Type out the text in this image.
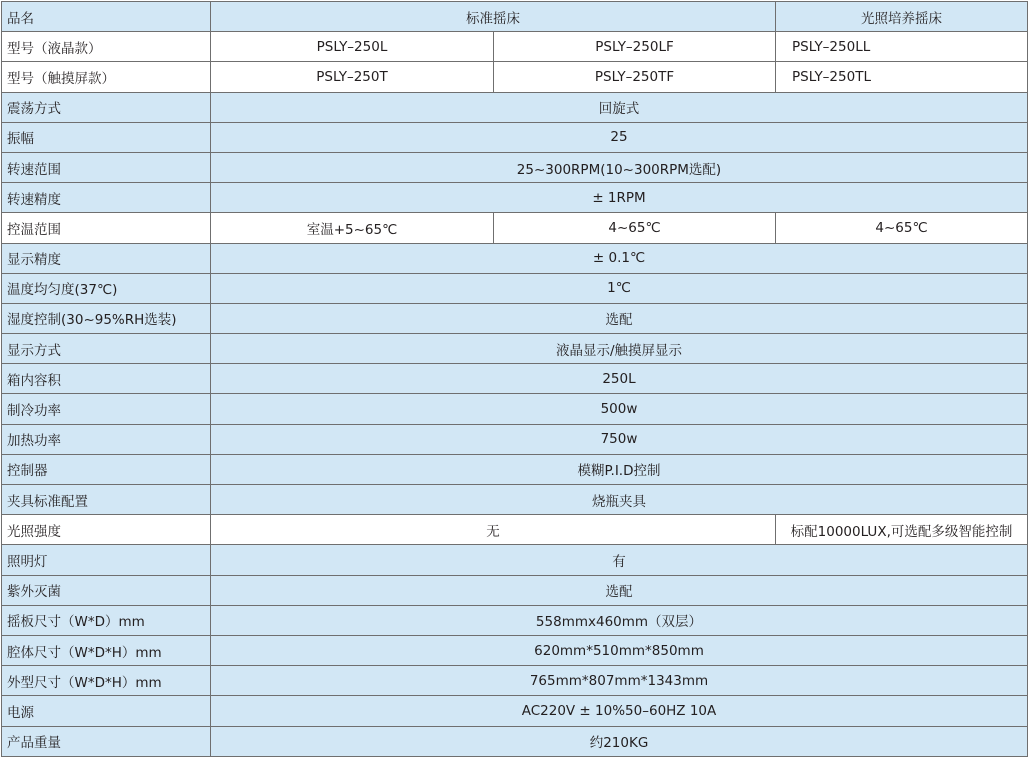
品名	标准摇床		光照培养摇床
型号（液晶款）	PSLY–250L	PSLY–250LF	PSLY–250LL
型号（触摸屏款）	PSLY–250T	PSLY–250TF	PSLY–250TL
震荡方式	回旋式		
振幅	25		
转速范围	25~300RPM(10~300RPM选配)		
转速精度	± 1RPM		
控温范围	室温+5~65℃	4~65℃	4~65℃
显示精度	± 0.1℃		
温度均匀度(37℃)	1℃		
湿度控制(30~95%RH选装)	选配		
显示方式	液晶显示/触摸屏显示		
箱内容积	250L		
制冷功率	500w		
加热功率	750w		
控制器	模糊P.I.D控制		
夹具标准配置	烧瓶夹具		
光照强度	无		标配10000LUX,可选配多级智能控制
照明灯	有		
紫外灭菌	选配		
摇板尺寸（W*D）mm	558mmx460mm（双层）		
腔体尺寸（W*D*H）mm	620mm*510mm*850mm		
外型尺寸（W*D*H）mm	765mm*807mm*1343mm		
电源	AC220V ± 10%50–60HZ 10A		
产品重量	约210KG		
